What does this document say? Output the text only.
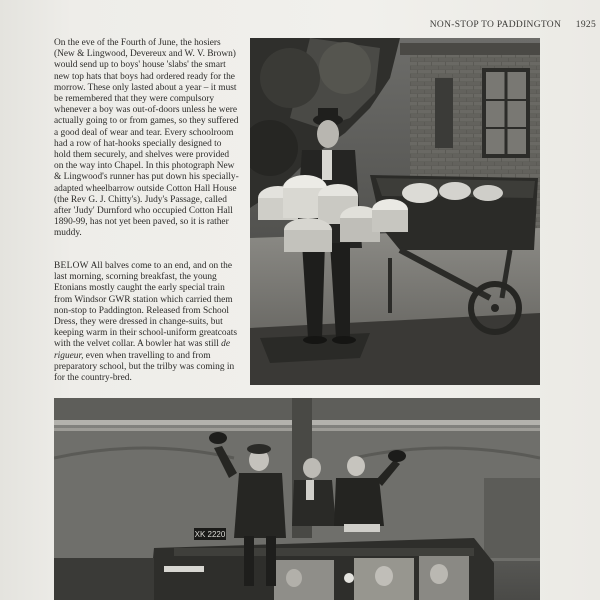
NON-STOP TO PADDINGTON 1925
On the eve of the Fourth of June, the hosiers (New & Lingwood, Devereux and W. V. Brown) would send up to boys' house 'slabs' the smart new top hats that boys had ordered ready for the morrow. These only lasted about a year – it must be remembered that they were compulsory whenever a boy was out-of-doors unless he were actually going to or from games, so they suffered a good deal of wear and tear. Every schoolroom had a row of hat-hooks specially designed to hold them securely, and shelves were provided on the way into Chapel. In this photograph New & Lingwood's runner has put down his specially-adapted wheelbarrow outside Cotton Hall House (the Rev G. J. Chitty's). Judy's Passage, called after 'Judy' Durnford who occupied Cotton Hall 1890-99, has not yet been paved, so it is rather muddy.
BELOW All balves come to an end, and on the last morning, scorning breakfast, the young Etonians mostly caught the early special train from Windsor GWR station which carried them non-stop to Paddington. Released from School Dress, they were dressed in change-suits, but keeping warm in their school-uniform greatcoats with the velvet collar. A bowler hat was still de rigueur, even when travelling to and from preparatory school, but the trilby was coming in for the country-bred.
XK 2220
